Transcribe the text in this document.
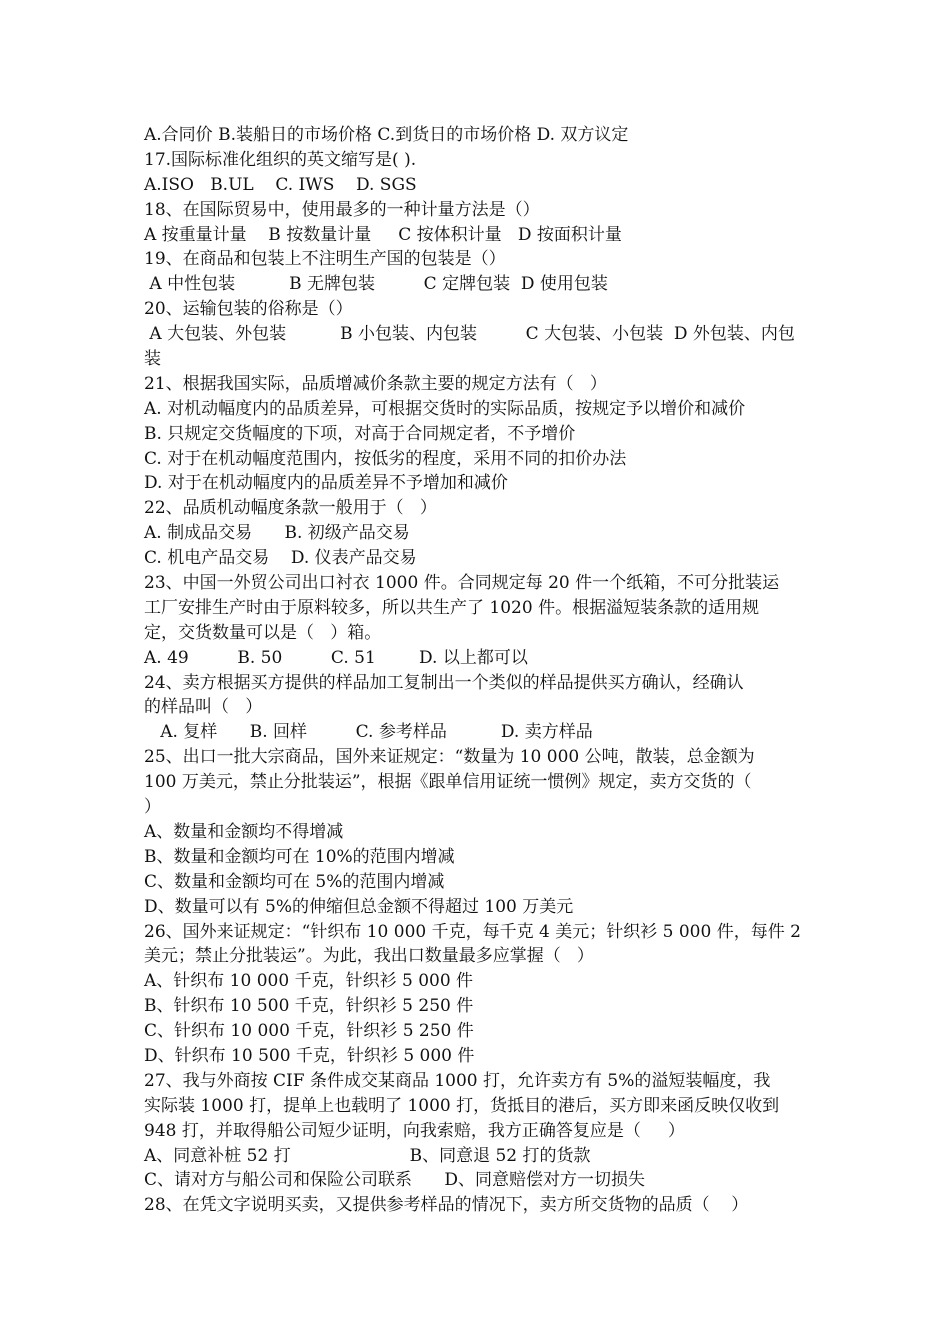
A.合同价 B.装船日的市场价格 C.到货日的市场价格 D. 双方议定
17.国际标准化组织的英文缩写是( ).
A.ISO   B.UL    C. IWS    D. SGS
18、在国际贸易中，使用最多的一种计量方法是（）
A 按重量计量    B 按数量计量     C 按体积计量   D 按面积计量
19、在商品和包装上不注明生产国的包装是（）
A 中性包装          B 无牌包装         C 定牌包装  D 使用包装
20、运输包装的俗称是（）
A 大包装、外包装          B 小包装、内包装         C 大包装、小包装  D 外包装、内包
装
21、根据我国实际，品质增减价条款主要的规定方法有（   ）
A. 对机动幅度内的品质差异，可根据交货时的实际品质，按规定予以增价和减价
B. 只规定交货幅度的下项，对高于合同规定者，不予增价
C. 对于在机动幅度范围内，按低劣的程度，采用不同的扣价办法
D. 对于在机动幅度内的品质差异不予增加和减价
22、品质机动幅度条款一般用于（   ）
A. 制成品交易      B. 初级产品交易
C. 机电产品交易    D. 仪表产品交易
23、中国一外贸公司出口衬衣 1000 件。合同规定每 20 件一个纸箱，不可分批装运
工厂安排生产时由于原料较多，所以共生产了 1020 件。根据溢短装条款的适用规
定，交货数量可以是（   ）箱。
A. 49         B. 50         C. 51        D. 以上都可以
24、卖方根据买方提供的样品加工复制出一个类似的样品提供买方确认，经确认
的样品叫（   ）
A. 复样      B. 回样         C. 参考样品          D. 卖方样品
25、出口一批大宗商品，国外来证规定：“数量为 10 000 公吨，散装，总金额为
100 万美元，禁止分批装运”，根据《跟单信用证统一惯例》规定，卖方交货的（
）
A、数量和金额均不得增减
B、数量和金额均可在 10%的范围内增减
C、数量和金额均可在 5%的范围内增减
D、数量可以有 5%的伸缩但总金额不得超过 100 万美元
26、国外来证规定：“针织布 10 000 千克，每千克 4 美元；针织衫 5 000 件，每件 2
美元；禁止分批装运”。为此，我出口数量最多应掌握（   ）
A、针织布 10 000 千克，针织衫 5 000 件
B、针织布 10 500 千克，针织衫 5 250 件
C、针织布 10 000 千克，针织衫 5 250 件
D、针织布 10 500 千克，针织衫 5 000 件
27、我与外商按 CIF 条件成交某商品 1000 打，允许卖方有 5%的溢短装幅度，我
实际装 1000 打，提单上也载明了 1000 打，货抵目的港后，买方即来函反映仅收到
948 打，并取得船公司短少证明，向我索赔，我方正确答复应是（     ）
A、同意补桩 52 打                      B、同意退 52 打的货款
C、请对方与船公司和保险公司联系      D、同意赔偿对方一切损失
28、在凭文字说明买卖，又提供参考样品的情况下，卖方所交货物的品质（    ）
